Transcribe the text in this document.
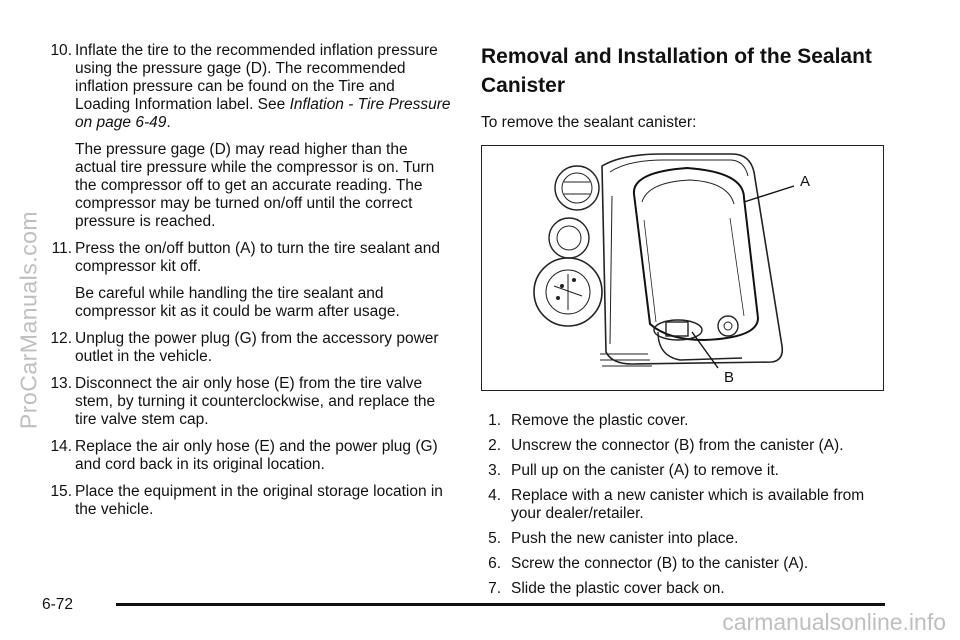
ProCarManuals.com
10 . Inflate the tire to the recommended inflation pressure using the pressure gage (D). The recommended inflation pressure can be found on the Tire and Loading Information label. See Inflation - Tire Pressure on page 6-49.

The pressure gage (D) may read higher than the actual tire pressure while the compressor is on. Turn the compressor off to get an accurate reading. The compressor may be turned on/off until the correct pressure is reached.

11 . Press the on/off button (A) to turn the tire sealant and compressor kit off.

Be careful while handling the tire sealant and compressor kit as it could be warm after usage.

12 . Unplug the power plug (G) from the accessory power outlet in the vehicle.

13 . Disconnect the air only hose (E) from the tire valve stem, by turning it counterclockwise, and replace the tire valve stem cap.

14 . Replace the air only hose (E) and the power plug (G) and cord back in its original location.

15 . Place the equipment in the original storage location in the vehicle.

Removal and Installation of the Sealant Canister

To remove the sealant canister:

A
B
1 . Remove the plastic cover.

2 . Unscrew the connector (B) from the canister (A).

3 . Pull up on the canister (A) to remove it.

4 . Replace with a new canister which is available from your dealer/retailer.

5 . Push the new canister into place.

6 . Screw the connector (B) to the canister (A).

7 . Slide the plastic cover back on.

6-72
carmanualsonline.info
